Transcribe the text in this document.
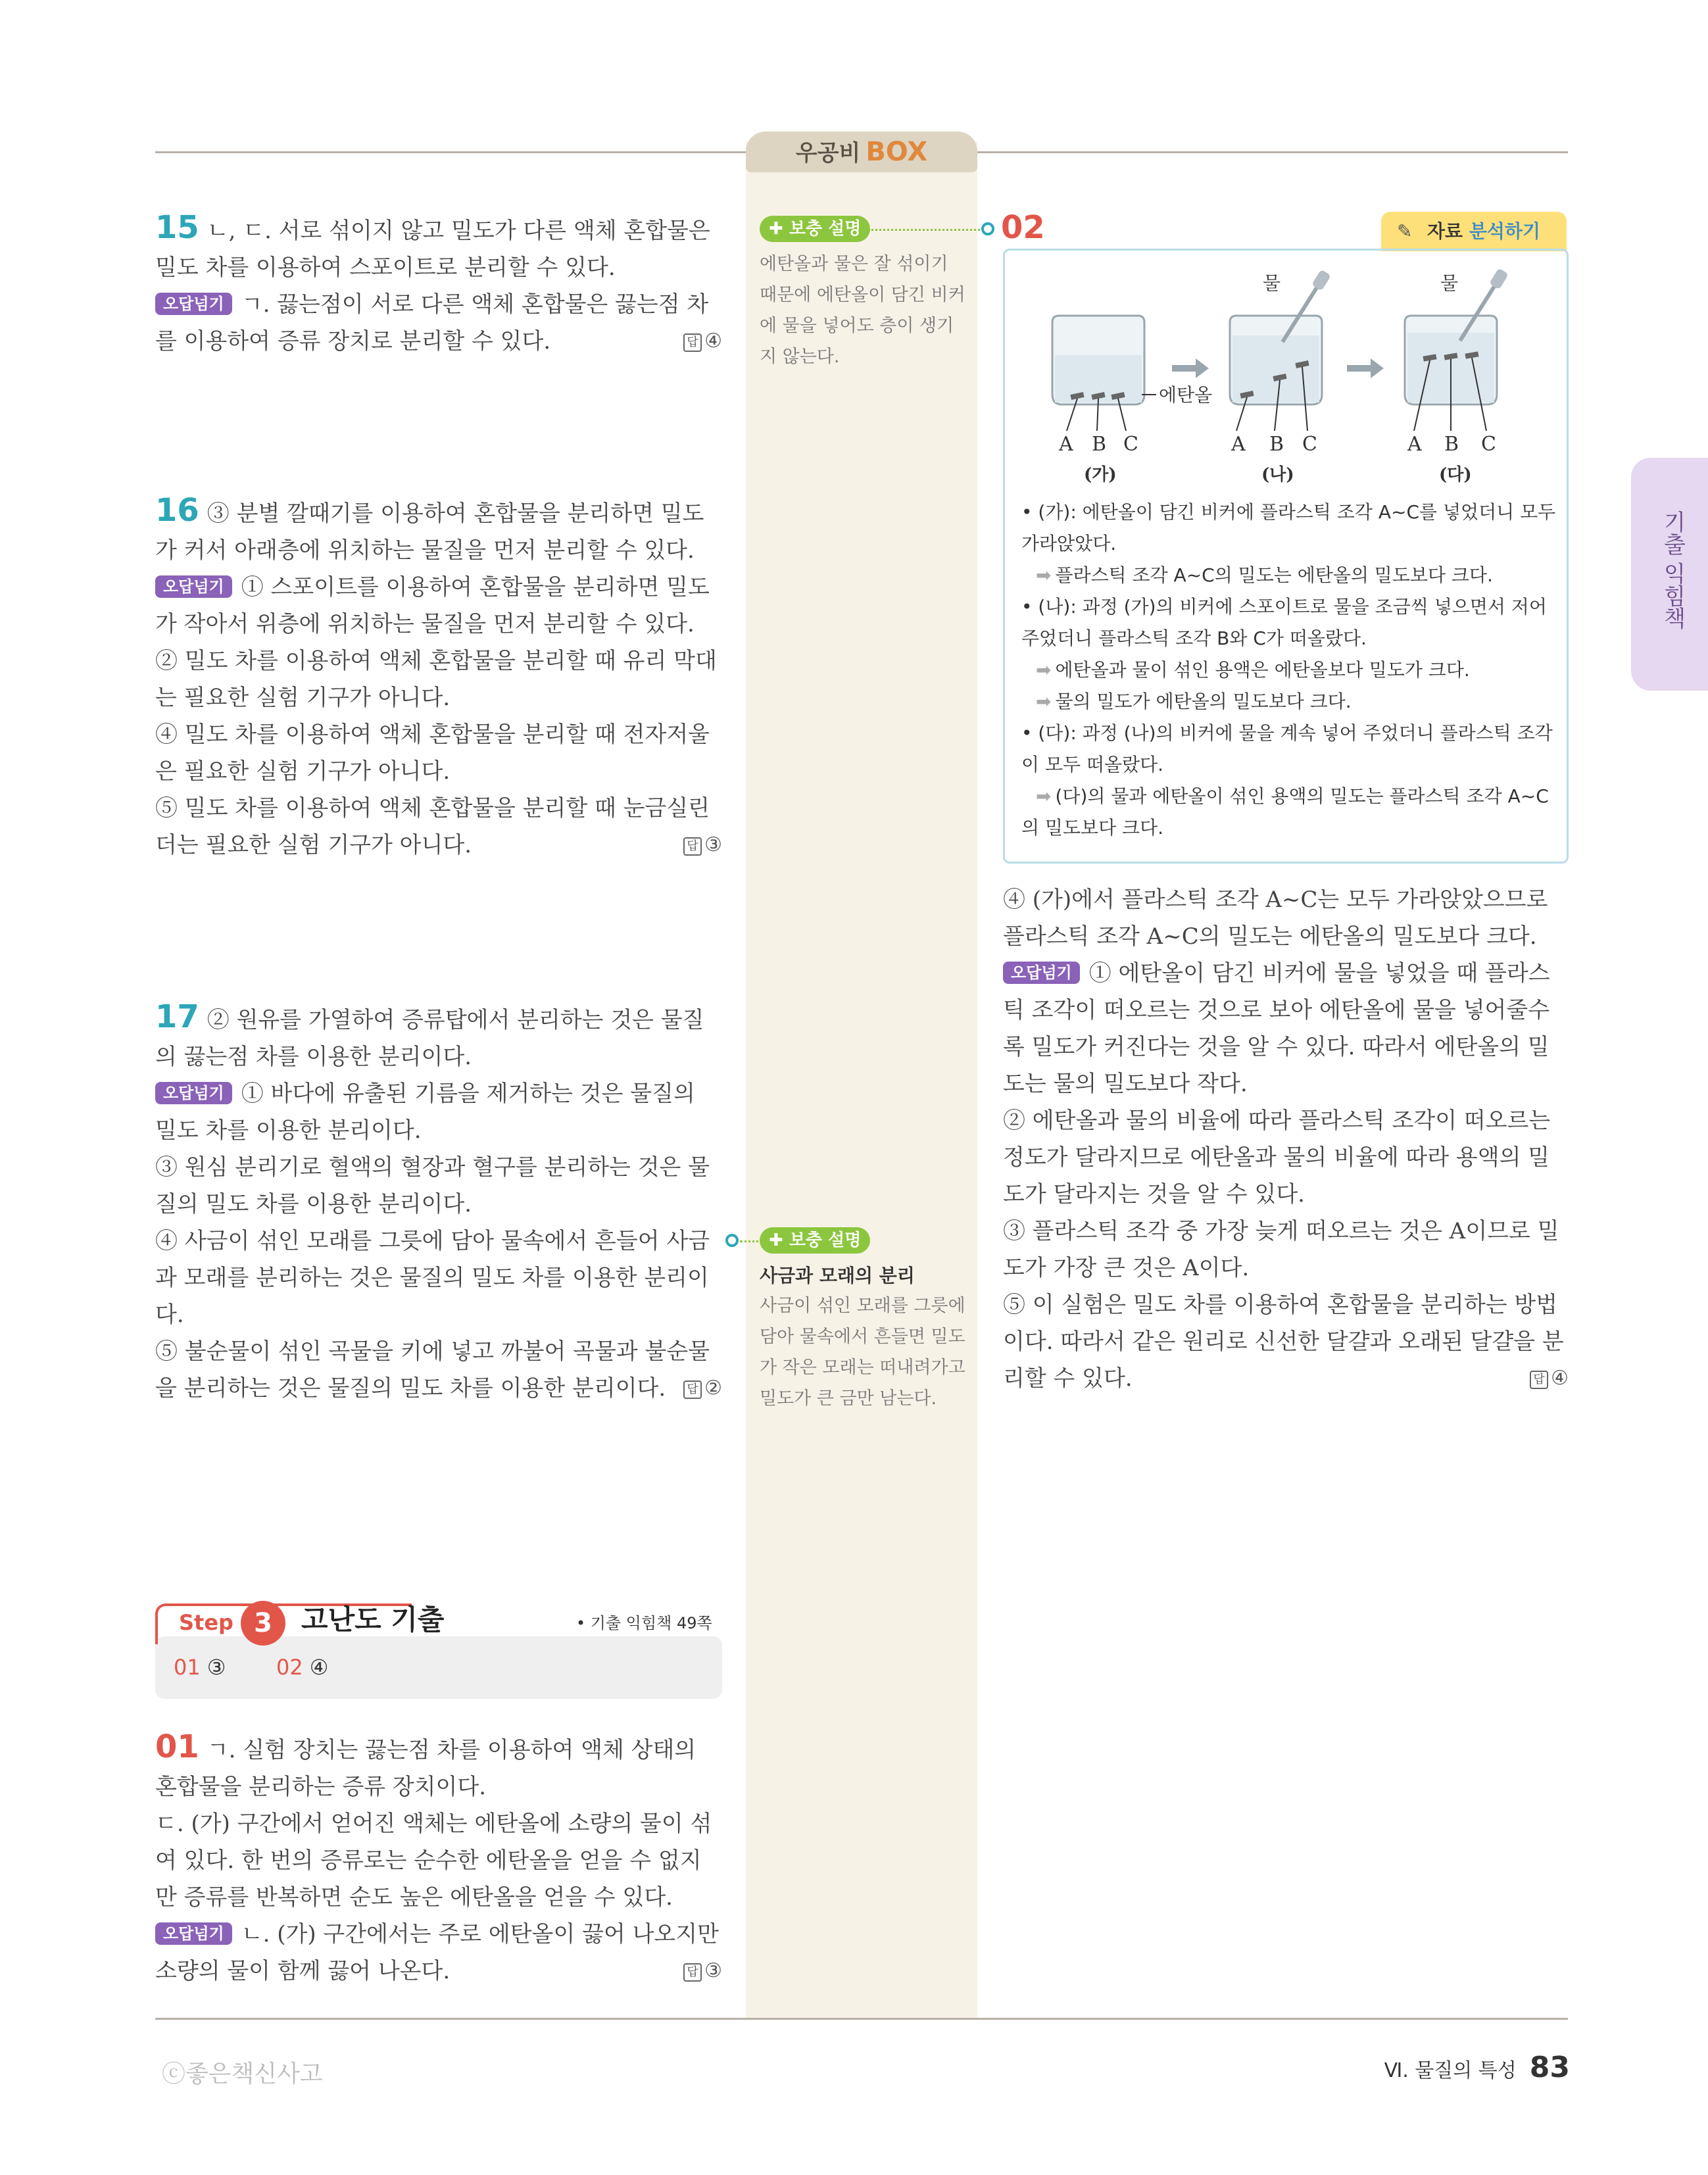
우공비 BOX
기출 익힘책
15 ㄴ, ㄷ. 서로 섞이지 않고 밀도가 다른 액체 혼합물은 밀도 차를 이용하여 스포이트로 분리할 수 있다.
오답넘기 ㄱ. 끓는점이 서로 다른 액체 혼합물은 끓는점 차를 이용하여 증류 장치로 분리할 수 있다.	답 ④
16 ③ 분별 깔때기를 이용하여 혼합물을 분리하면 밀도가 커서 아래층에 위치하는 물질을 먼저 분리할 수 있다.
오답넘기 ① 스포이트를 이용하여 혼합물을 분리하면 밀도가 작아서 위층에 위치하는 물질을 먼저 분리할 수 있다.
② 밀도 차를 이용하여 액체 혼합물을 분리할 때 유리 막대는 필요한 실험 기구가 아니다.
④ 밀도 차를 이용하여 액체 혼합물을 분리할 때 전자저울은 필요한 실험 기구가 아니다.
⑤ 밀도 차를 이용하여 액체 혼합물을 분리할 때 눈금실린더는 필요한 실험 기구가 아니다.	답 ③
17 ② 원유를 가열하여 증류탑에서 분리하는 것은 물질의 끓는점 차를 이용한 분리이다.
오답넘기 ① 바다에 유출된 기름을 제거하는 것은 물질의 밀도 차를 이용한 분리이다.
③ 원심 분리기로 혈액의 혈장과 혈구를 분리하는 것은 물질의 밀도 차를 이용한 분리이다.
④ 사금이 섞인 모래를 그릇에 담아 물속에서 흔들어 사금과 모래를 분리하는 것은 물질의 밀도 차를 이용한 분리이다.
⑤ 불순물이 섞인 곡물을 키에 넣고 까불어 곡물과 불순물을 분리하는 것은 물질의 밀도 차를 이용한 분리이다. 답 ②
✚ 보충 설명
에탄올과 물은 잘 섞이기 때문에 에탄올이 담긴 비커에 물을 넣어도 층이 생기지 않는다.
✚ 보충 설명
사금과 모래의 분리
사금이 섞인 모래를 그릇에 담아 물속에서 흔들면 밀도가 작은 모래는 떠내려가고 밀도가 큰 금만 남는다.
02	✎ 자료 분석하기
에탄올
A B C
(가)
물
A B C
(나)
물
A B C
(다)
• (가): 에탄올이 담긴 비커에 플라스틱 조각 A~C를 넣었더니 모두 가라앉았다.
➡ 플라스틱 조각 A~C의 밀도는 에탄올의 밀도보다 크다.
• (나): 과정 (가)의 비커에 스포이트로 물을 조금씩 넣으면서 저어 주었더니 플라스틱 조각 B와 C가 떠올랐다.
➡ 에탄올과 물이 섞인 용액은 에탄올보다 밀도가 크다.
➡ 물의 밀도가 에탄올의 밀도보다 크다.
• (다): 과정 (나)의 비커에 물을 계속 넣어 주었더니 플라스틱 조각이 모두 떠올랐다.
➡ (다)의 물과 에탄올이 섞인 용액의 밀도는 플라스틱 조각 A~C의 밀도보다 크다.
④ (가)에서 플라스틱 조각 A~C는 모두 가라앉았으므로 플라스틱 조각 A~C의 밀도는 에탄올의 밀도보다 크다.
오답넘기 ① 에탄올이 담긴 비커에 물을 넣었을 때 플라스틱 조각이 떠오르는 것으로 보아 에탄올에 물을 넣어줄수록 밀도가 커진다는 것을 알 수 있다. 따라서 에탄올의 밀도는 물의 밀도보다 작다.
② 에탄올과 물의 비율에 따라 플라스틱 조각이 떠오르는 정도가 달라지므로 에탄올과 물의 비율에 따라 용액의 밀도가 달라지는 것을 알 수 있다.
③ 플라스틱 조각 중 가장 늦게 떠오르는 것은 A이므로 밀도가 가장 큰 것은 A이다.
⑤ 이 실험은 밀도 차를 이용하여 혼합물을 분리하는 방법이다. 따라서 같은 원리로 신선한 달걀과 오래된 달걀을 분리할 수 있다.	답 ④
Step 3	고난도 기출	• 기출 익힘책 49쪽
01 ③ 02 ④
01 ㄱ. 실험 장치는 끓는점 차를 이용하여 액체 상태의 혼합물을 분리하는 증류 장치이다.
ㄷ. (가) 구간에서 얻어진 액체는 에탄올에 소량의 물이 섞여 있다. 한 번의 증류로는 순수한 에탄올을 얻을 수 없지만 증류를 반복하면 순도 높은 에탄올을 얻을 수 있다.
오답넘기 ㄴ. (가) 구간에서는 주로 에탄올이 끓어 나오지만 소량의 물이 함께 끓어 나온다.	답 ③
ⓒ좋은책신사고	Ⅵ. 물질의 특성 83
